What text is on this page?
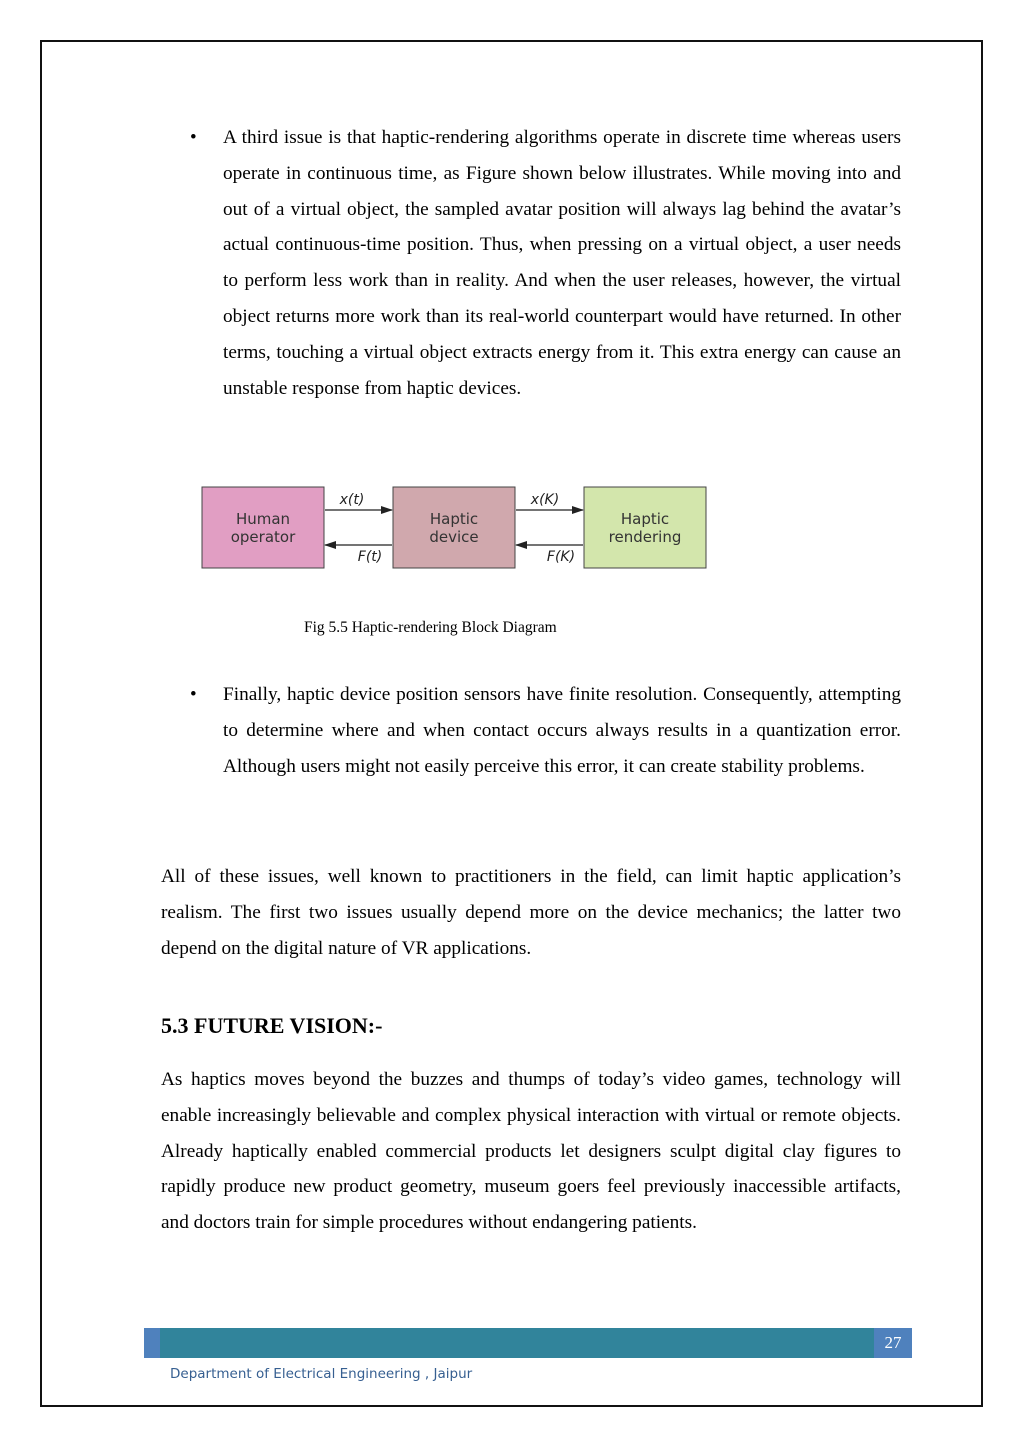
• A third issue is that haptic-rendering algorithms operate in discrete time whereas users operate in continuous time, as Figure shown below illustrates. While moving into and out of a virtual object, the sampled avatar position will always lag behind the avatar’s actual continuous-time position. Thus, when pressing on a virtual object, a user needs to perform less work than in reality. And when the user releases, however, the virtual object returns more work than its real-world counterpart would have returned. In other terms, touching a virtual object extracts energy from it. This extra energy can cause an unstable response from haptic devices.
Human
operator
Haptic
device
Haptic
rendering
x(t)
F(t)
x(K)
F(K)
Fig 5.5 Haptic-rendering Block Diagram
• Finally, haptic device position sensors have finite resolution. Consequently, attempting to determine where and when contact occurs always results in a quantization error. Although users might not easily perceive this error, it can create stability problems.
All of these issues, well known to practitioners in the field, can limit haptic application’s realism. The first two issues usually depend more on the device mechanics; the latter two depend on the digital nature of VR applications.
5.3 FUTURE VISION:-
As haptics moves beyond the buzzes and thumps of today’s video games, technology will enable increasingly believable and complex physical interaction with virtual or remote objects. Already haptically enabled commercial products let designers sculpt digital clay figures to rapidly produce new product geometry, museum goers feel previously inaccessible artifacts, and doctors train for simple procedures without endangering patients.
27
Department of Electrical Engineering , Jaipur
